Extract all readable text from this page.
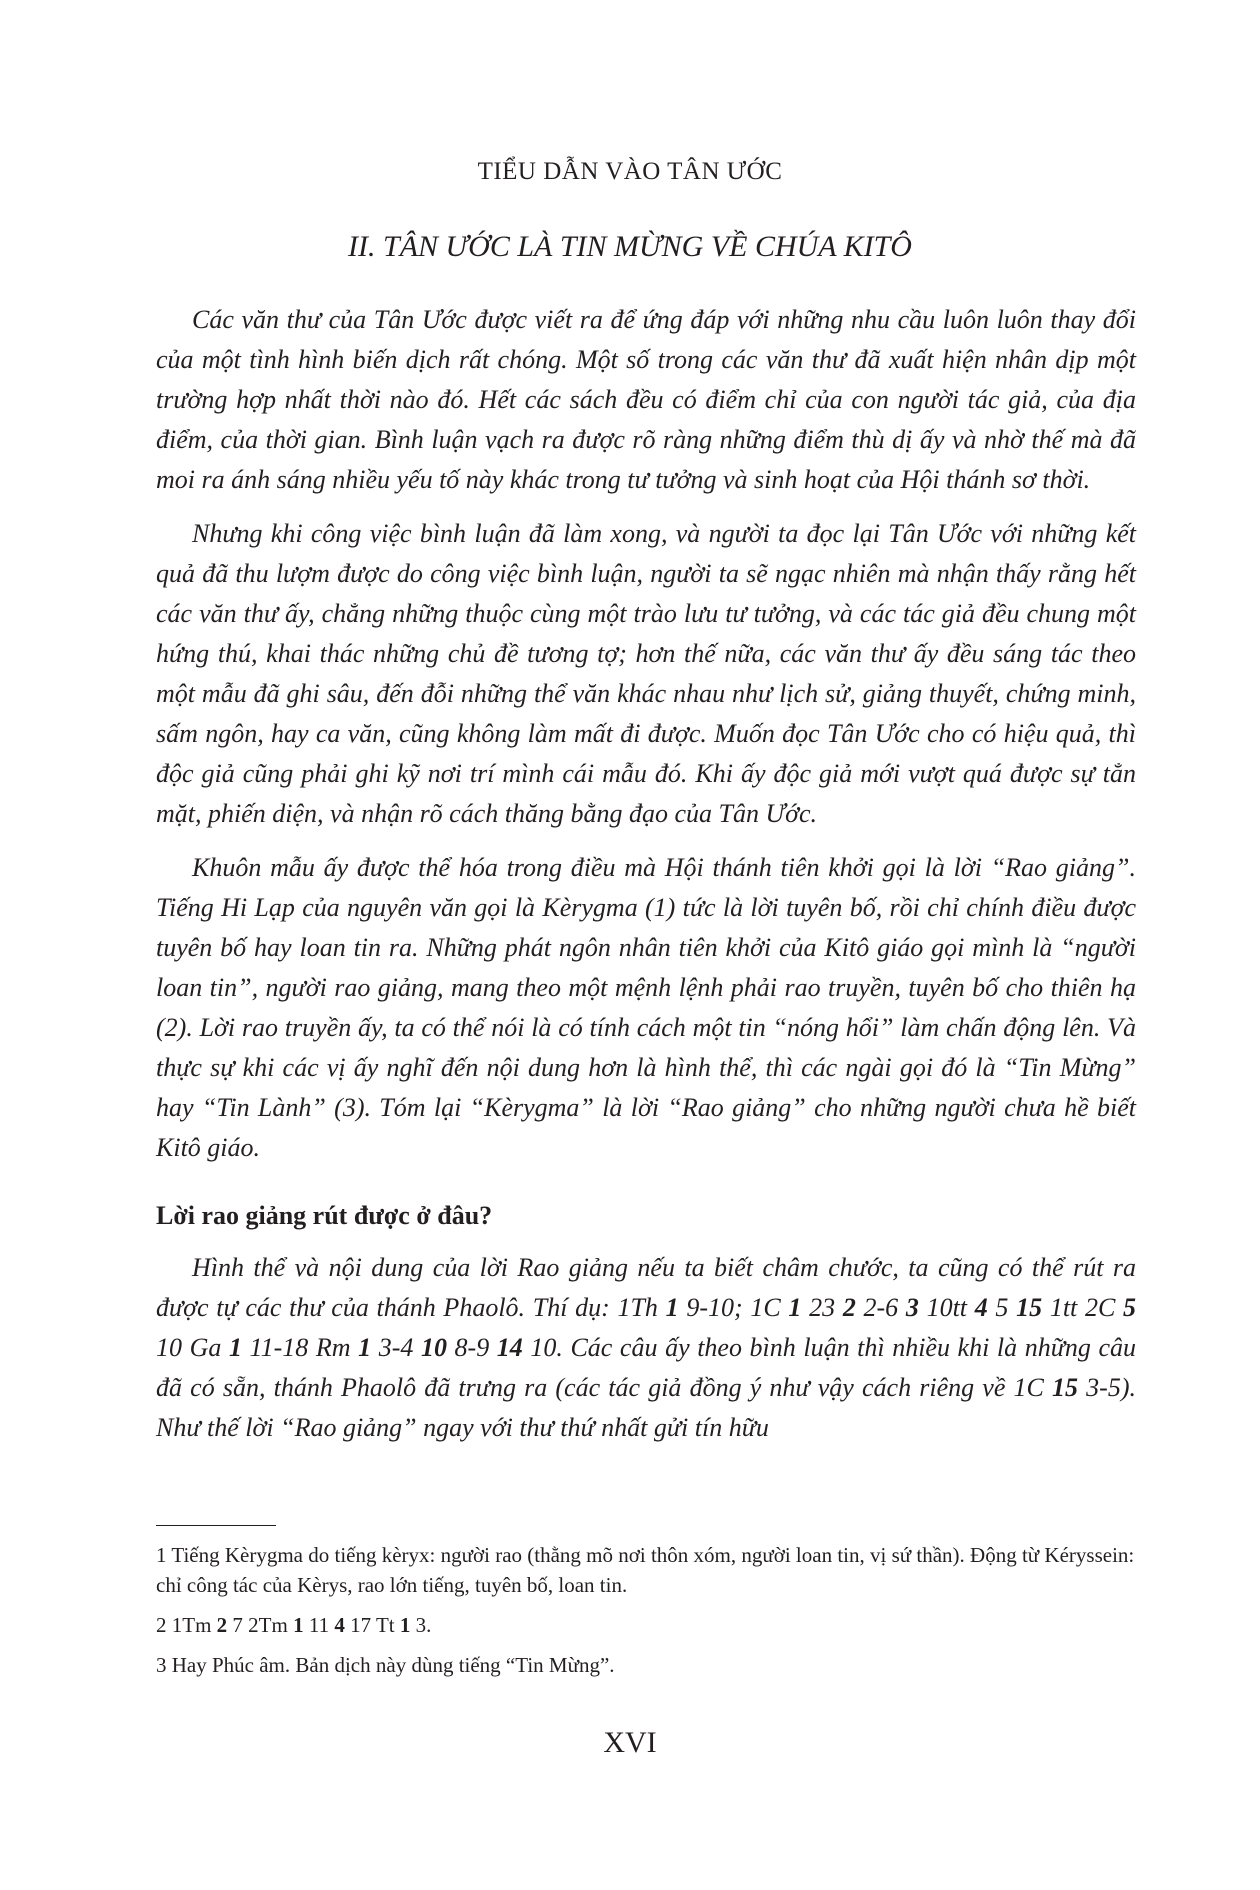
TIỂU DẪN VÀO TÂN ƯỚC
II. TÂN ƯỚC LÀ TIN MỪNG VỀ CHÚA KITÔ

Các văn thư của Tân Ước được viết ra để ứng đáp với những nhu cầu luôn luôn thay đổi của một tình hình biến dịch rất chóng. Một số trong các văn thư đã xuất hiện nhân dịp một trường hợp nhất thời nào đó. Hết các sách đều có điểm chỉ của con người tác giả, của địa điểm, của thời gian. Bình luận vạch ra được rõ ràng những điểm thù dị ấy và nhờ thế mà đã moi ra ánh sáng nhiều yếu tố này khác trong tư tưởng và sinh hoạt của Hội thánh sơ thời.

Nhưng khi công việc bình luận đã làm xong, và người ta đọc lại Tân Ước với những kết quả đã thu lượm được do công việc bình luận, người ta sẽ ngạc nhiên mà nhận thấy rằng hết các văn thư ấy, chẳng những thuộc cùng một trào lưu tư tưởng, và các tác giả đều chung một hứng thú, khai thác những chủ đề tương tợ; hơn thế nữa, các văn thư ấy đều sáng tác theo một mẫu đã ghi sâu, đến đỗi những thể văn khác nhau như lịch sử, giảng thuyết, chứng minh, sấm ngôn, hay ca văn, cũng không làm mất đi được. Muốn đọc Tân Ước cho có hiệu quả, thì độc giả cũng phải ghi kỹ nơi trí mình cái mẫu đó. Khi ấy độc giả mới vượt quá được sự tẳn mặt, phiến diện, và nhận rõ cách thăng bằng đạo của Tân Ước.

Khuôn mẫu ấy được thể hóa trong điều mà Hội thánh tiên khởi gọi là lời “Rao giảng”. Tiếng Hi Lạp của nguyên văn gọi là Kèrygma (1) tức là lời tuyên bố, rồi chỉ chính điều được tuyên bố hay loan tin ra. Những phát ngôn nhân tiên khởi của Kitô giáo gọi mình là “người loan tin”, người rao giảng, mang theo một mệnh lệnh phải rao truyền, tuyên bố cho thiên hạ (2). Lời rao truyền ấy, ta có thể nói là có tính cách một tin “nóng hổi” làm chấn động lên. Và thực sự khi các vị ấy nghĩ đến nội dung hơn là hình thể, thì các ngài gọi đó là “Tin Mừng” hay “Tin Lành” (3). Tóm lại “Kèrygma” là lời “Rao giảng” cho những người chưa hề biết Kitô giáo.

Lời rao giảng rút được ở đâu?

Hình thể và nội dung của lời Rao giảng nếu ta biết châm chước, ta cũng có thể rút ra được tự các thư của thánh Phaolô. Thí dụ: 1Th 1 9-10; 1C 1 23 2 2-6 3 10tt 4 5 15 1tt 2C 5 10 Ga 1 11-18 Rm 1 3-4 10 8-9 14 10. Các câu ấy theo bình luận thì nhiều khi là những câu đã có sẵn, thánh Phaolô đã trưng ra (các tác giả đồng ý như vậy cách riêng về 1C 15 3-5). Như thế lời “Rao giảng” ngay với thư thứ nhất gửi tín hữu

1 Tiếng Kèrygma do tiếng kèryx: người rao (thằng mõ nơi thôn xóm, người loan tin, vị sứ thần). Động từ Kéryssein: chỉ công tác của Kèrys, rao lớn tiếng, tuyên bố, loan tin.

2 1Tm 2 7 2Tm 1 11 4 17 Tt 1 3.

3 Hay Phúc âm. Bản dịch này dùng tiếng “Tin Mừng”.

XVI
